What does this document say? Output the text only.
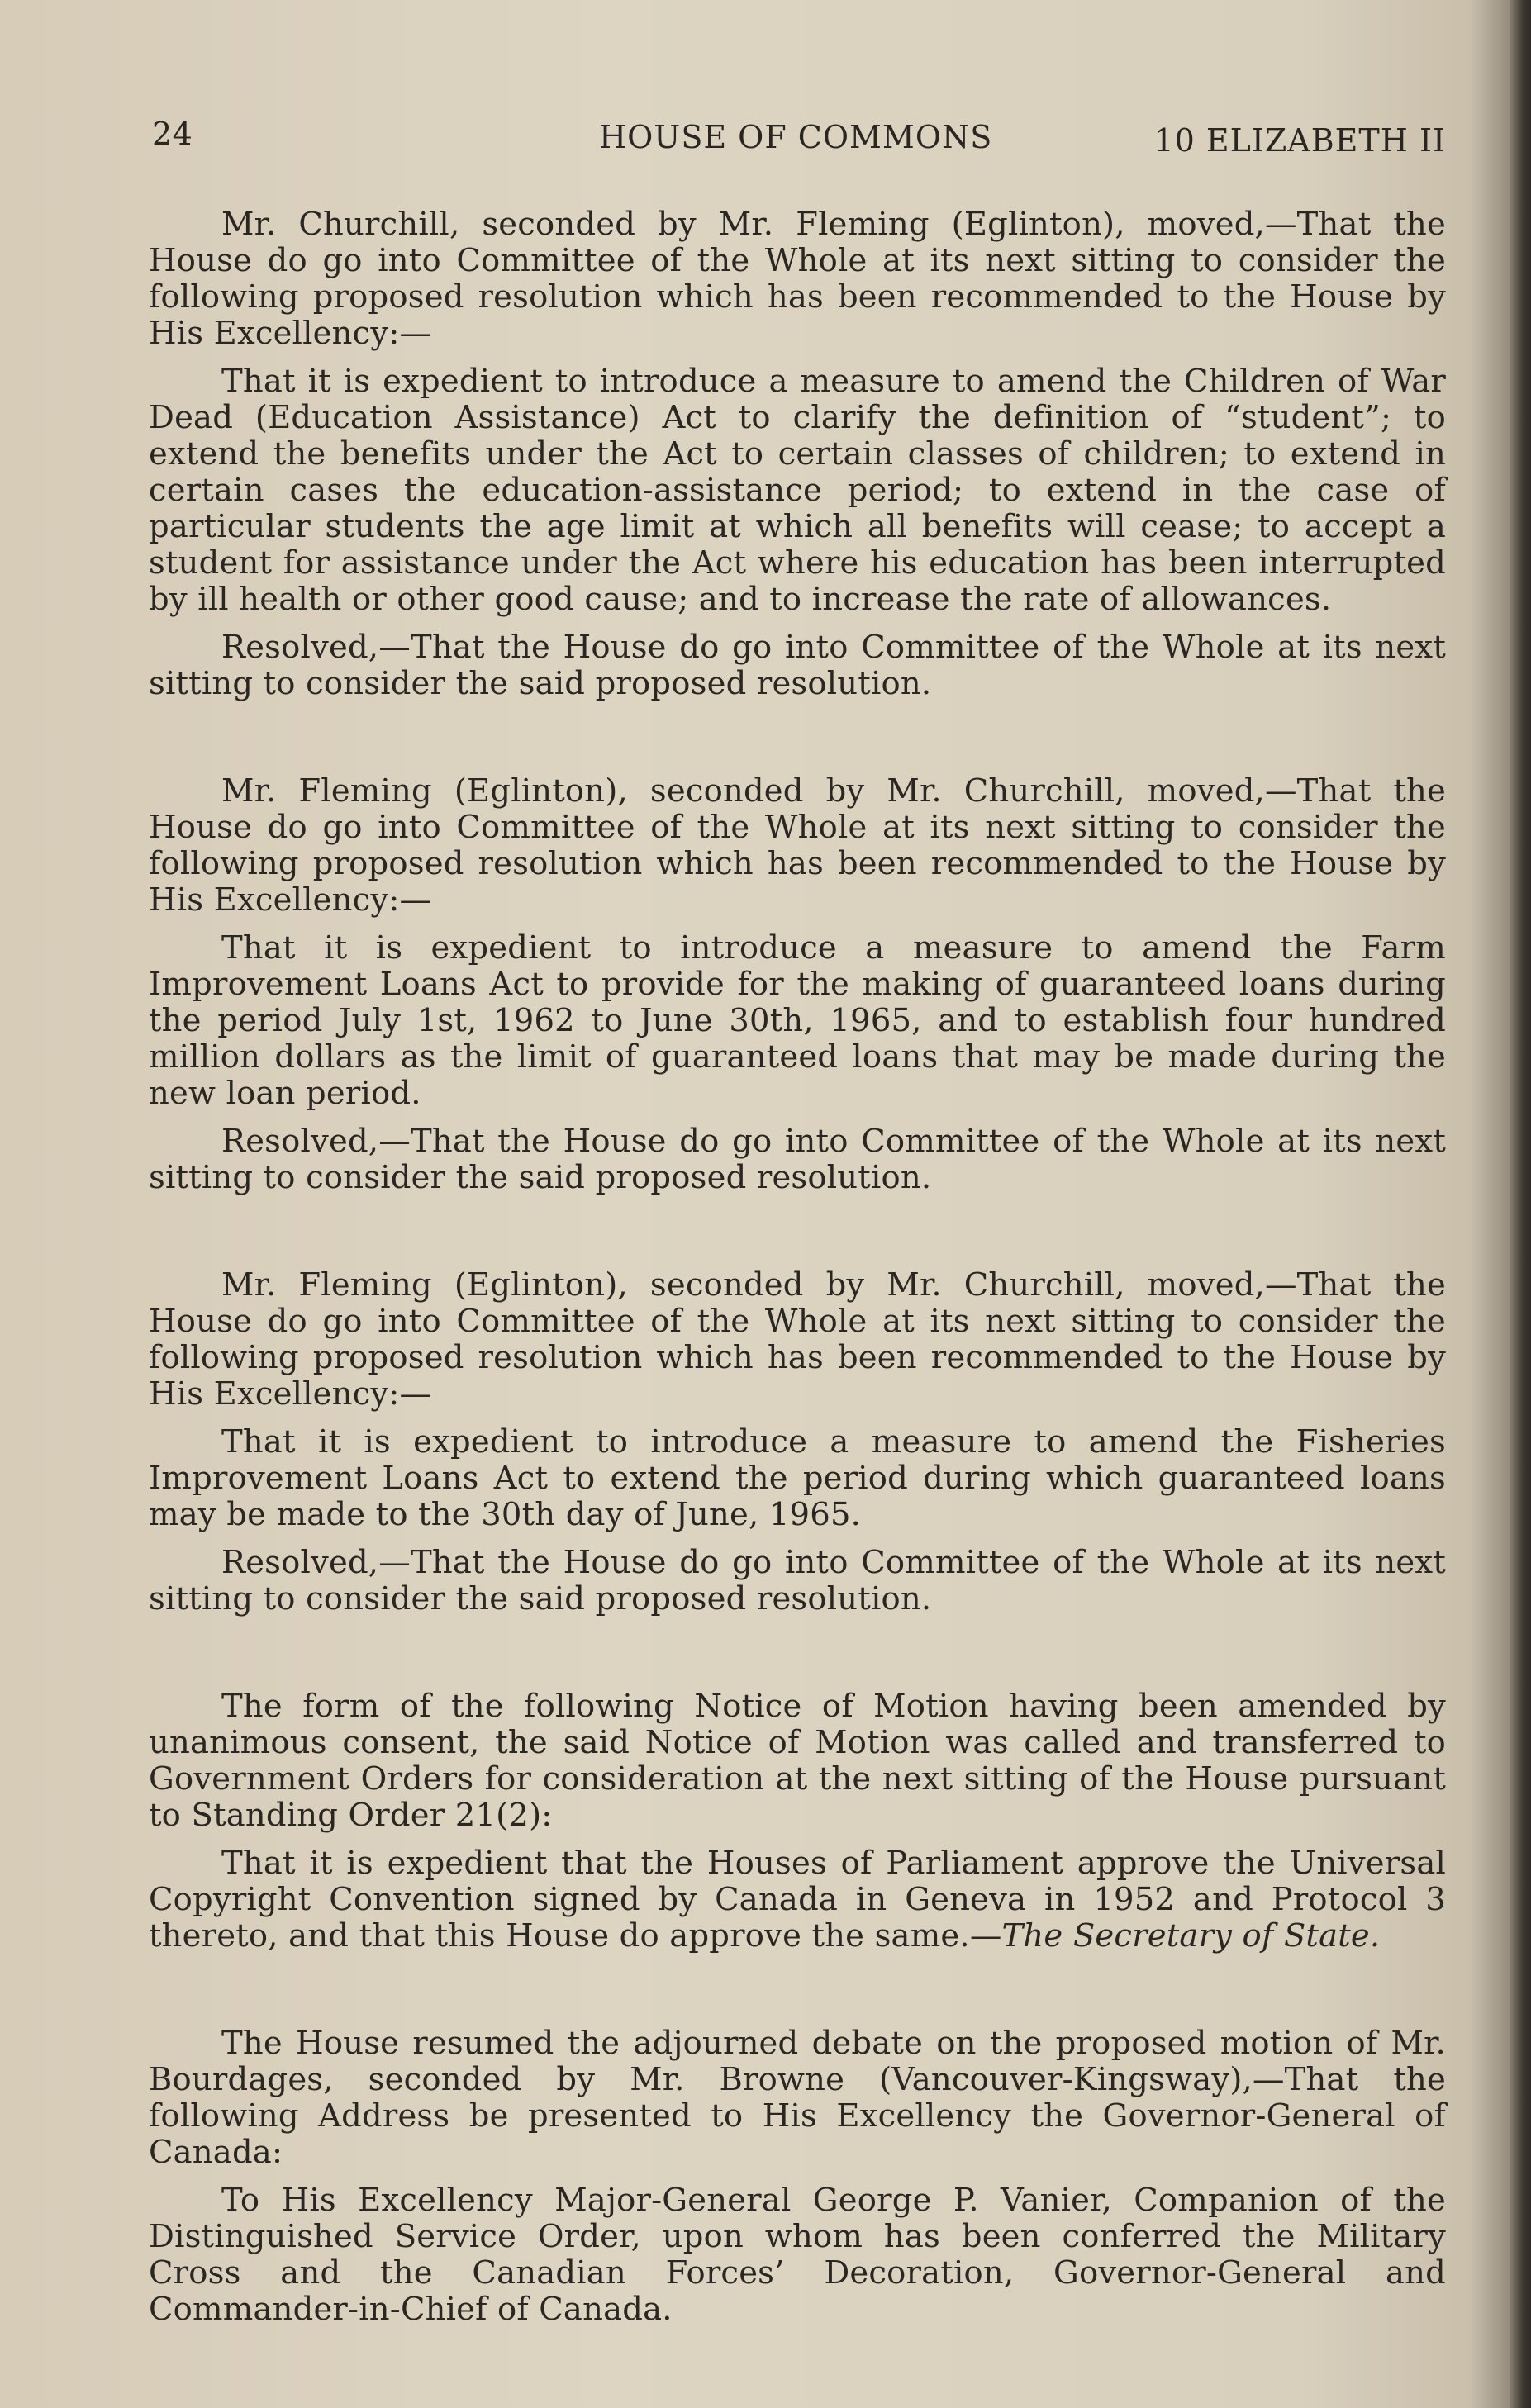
24	HOUSE OF COMMONS	10 ELIZABETH II

Mr. Churchill, seconded by Mr. Fleming (Eglinton), moved,—That the House do go into Committee of the Whole at its next sitting to consider the following proposed resolution which has been recommended to the House by His Excellency:—

That it is expedient to introduce a measure to amend the Children of War Dead (Education Assistance) Act to clarify the definition of “student”; to extend the benefits under the Act to certain classes of children; to extend in certain cases the education-assistance period; to extend in the case of particular students the age limit at which all benefits will cease; to accept a student for assistance under the Act where his education has been interrupted by ill health or other good cause; and to increase the rate of allowances.

Resolved,—That the House do go into Committee of the Whole at its next sitting to consider the said proposed resolution.

Mr. Fleming (Eglinton), seconded by Mr. Churchill, moved,—That the House do go into Committee of the Whole at its next sitting to consider the following proposed resolution which has been recommended to the House by His Excellency:—

That it is expedient to introduce a measure to amend the Farm Improvement Loans Act to provide for the making of guaranteed loans during the period July 1st, 1962 to June 30th, 1965, and to establish four hundred million dollars as the limit of guaranteed loans that may be made during the new loan period.

Resolved,—That the House do go into Committee of the Whole at its next sitting to consider the said proposed resolution.

Mr. Fleming (Eglinton), seconded by Mr. Churchill, moved,—That the House do go into Committee of the Whole at its next sitting to consider the following proposed resolution which has been recommended to the House by His Excellency:—

That it is expedient to introduce a measure to amend the Fisheries Improvement Loans Act to extend the period during which guaranteed loans may be made to the 30th day of June, 1965.

Resolved,—That the House do go into Committee of the Whole at its next sitting to consider the said proposed resolution.

The form of the following Notice of Motion having been amended by unanimous consent, the said Notice of Motion was called and transferred to Government Orders for consideration at the next sitting of the House pursuant to Standing Order 21(2):

That it is expedient that the Houses of Parliament approve the Universal Copyright Convention signed by Canada in Geneva in 1952 and Protocol 3 thereto, and that this House do approve the same.—The Secretary of State.

The House resumed the adjourned debate on the proposed motion of Mr. Bourdages, seconded by Mr. Browne (Vancouver-Kingsway),—That the following Address be presented to His Excellency the Governor-General of Canada:

To His Excellency Major-General George P. Vanier, Companion of the Distinguished Service Order, upon whom has been conferred the Military Cross and the Canadian Forces’ Decoration, Governor-General and Commander-in-Chief of Canada.
